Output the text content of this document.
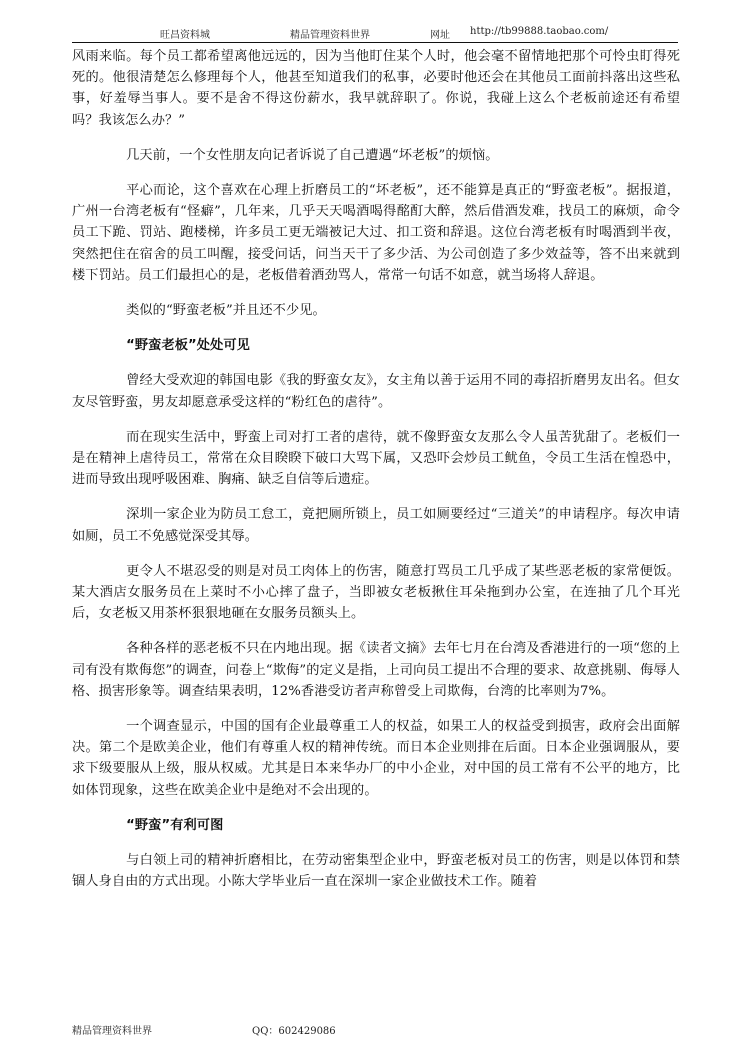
旺昌资料城	精品管理资料世界	网址 http://tb99888.taobao.com/

风雨来临。每个员工都希望离他远远的，因为当他盯住某个人时，他会毫不留情地把那个可怜虫盯得死死的。他很清楚怎么修理每个人，他甚至知道我们的私事，必要时他还会在其他员工面前抖落出这些私事，好羞辱当事人。要不是舍不得这份薪水，我早就辞职了。你说，我碰上这么个老板前途还有希望吗？我该怎么办？”

几天前，一个女性朋友向记者诉说了自己遭遇“坏老板”的烦恼。

平心而论，这个喜欢在心理上折磨员工的“坏老板”，还不能算是真正的“野蛮老板”。据报道，广州一台湾老板有“怪癖”，几年来，几乎天天喝酒喝得酩酊大醉，然后借酒发难，找员工的麻烦，命令员工下跪、罚站、跑楼梯，许多员工更无端被记大过、扣工资和辞退。这位台湾老板有时喝酒到半夜，突然把住在宿舍的员工叫醒，接受问话，问当天干了多少活、为公司创造了多少效益等，答不出来就到楼下罚站。员工们最担心的是，老板借着酒劲骂人，常常一句话不如意，就当场将人辞退。

类似的“野蛮老板”并且还不少见。

“野蛮老板”处处可见

曾经大受欢迎的韩国电影《我的野蛮女友》，女主角以善于运用不同的毒招折磨男友出名。但女友尽管野蛮，男友却愿意承受这样的“粉红色的虐待”。

而在现实生活中，野蛮上司对打工者的虐待，就不像野蛮女友那么令人虽苦犹甜了。老板们一是在精神上虐待员工，常常在众目睽睽下破口大骂下属，又恐吓会炒员工鱿鱼，令员工生活在惶恐中，进而导致出现呼吸困难、胸痛、缺乏自信等后遗症。

深圳一家企业为防员工怠工，竟把厕所锁上，员工如厕要经过“三道关”的申请程序。每次申请如厕，员工不免感觉深受其辱。

更令人不堪忍受的则是对员工肉体上的伤害，随意打骂员工几乎成了某些恶老板的家常便饭。某大酒店女服务员在上菜时不小心摔了盘子，当即被女老板揪住耳朵拖到办公室，在连抽了几个耳光后，女老板又用茶杯狠狠地砸在女服务员额头上。

各种各样的恶老板不只在内地出现。据《读者文摘》去年七月在台湾及香港进行的一项“您的上司有没有欺侮您”的调查，问卷上“欺侮”的定义是指，上司向员工提出不合理的要求、故意挑剔、侮辱人格、损害形象等。调查结果表明，12%香港受访者声称曾受上司欺侮，台湾的比率则为7%。

一个调查显示，中国的国有企业最尊重工人的权益，如果工人的权益受到损害，政府会出面解决。第二个是欧美企业，他们有尊重人权的精神传统。而日本企业则排在后面。日本企业强调服从，要求下级要服从上级，服从权威。尤其是日本来华办厂的中小企业，对中国的员工常有不公平的地方，比如体罚现象，这些在欧美企业中是绝对不会出现的。

“野蛮”有利可图

与白领上司的精神折磨相比，在劳动密集型企业中，野蛮老板对员工的伤害，则是以体罚和禁锢人身自由的方式出现。小陈大学毕业后一直在深圳一家企业做技术工作。随着

精品管理资料世界	QQ：602429086
